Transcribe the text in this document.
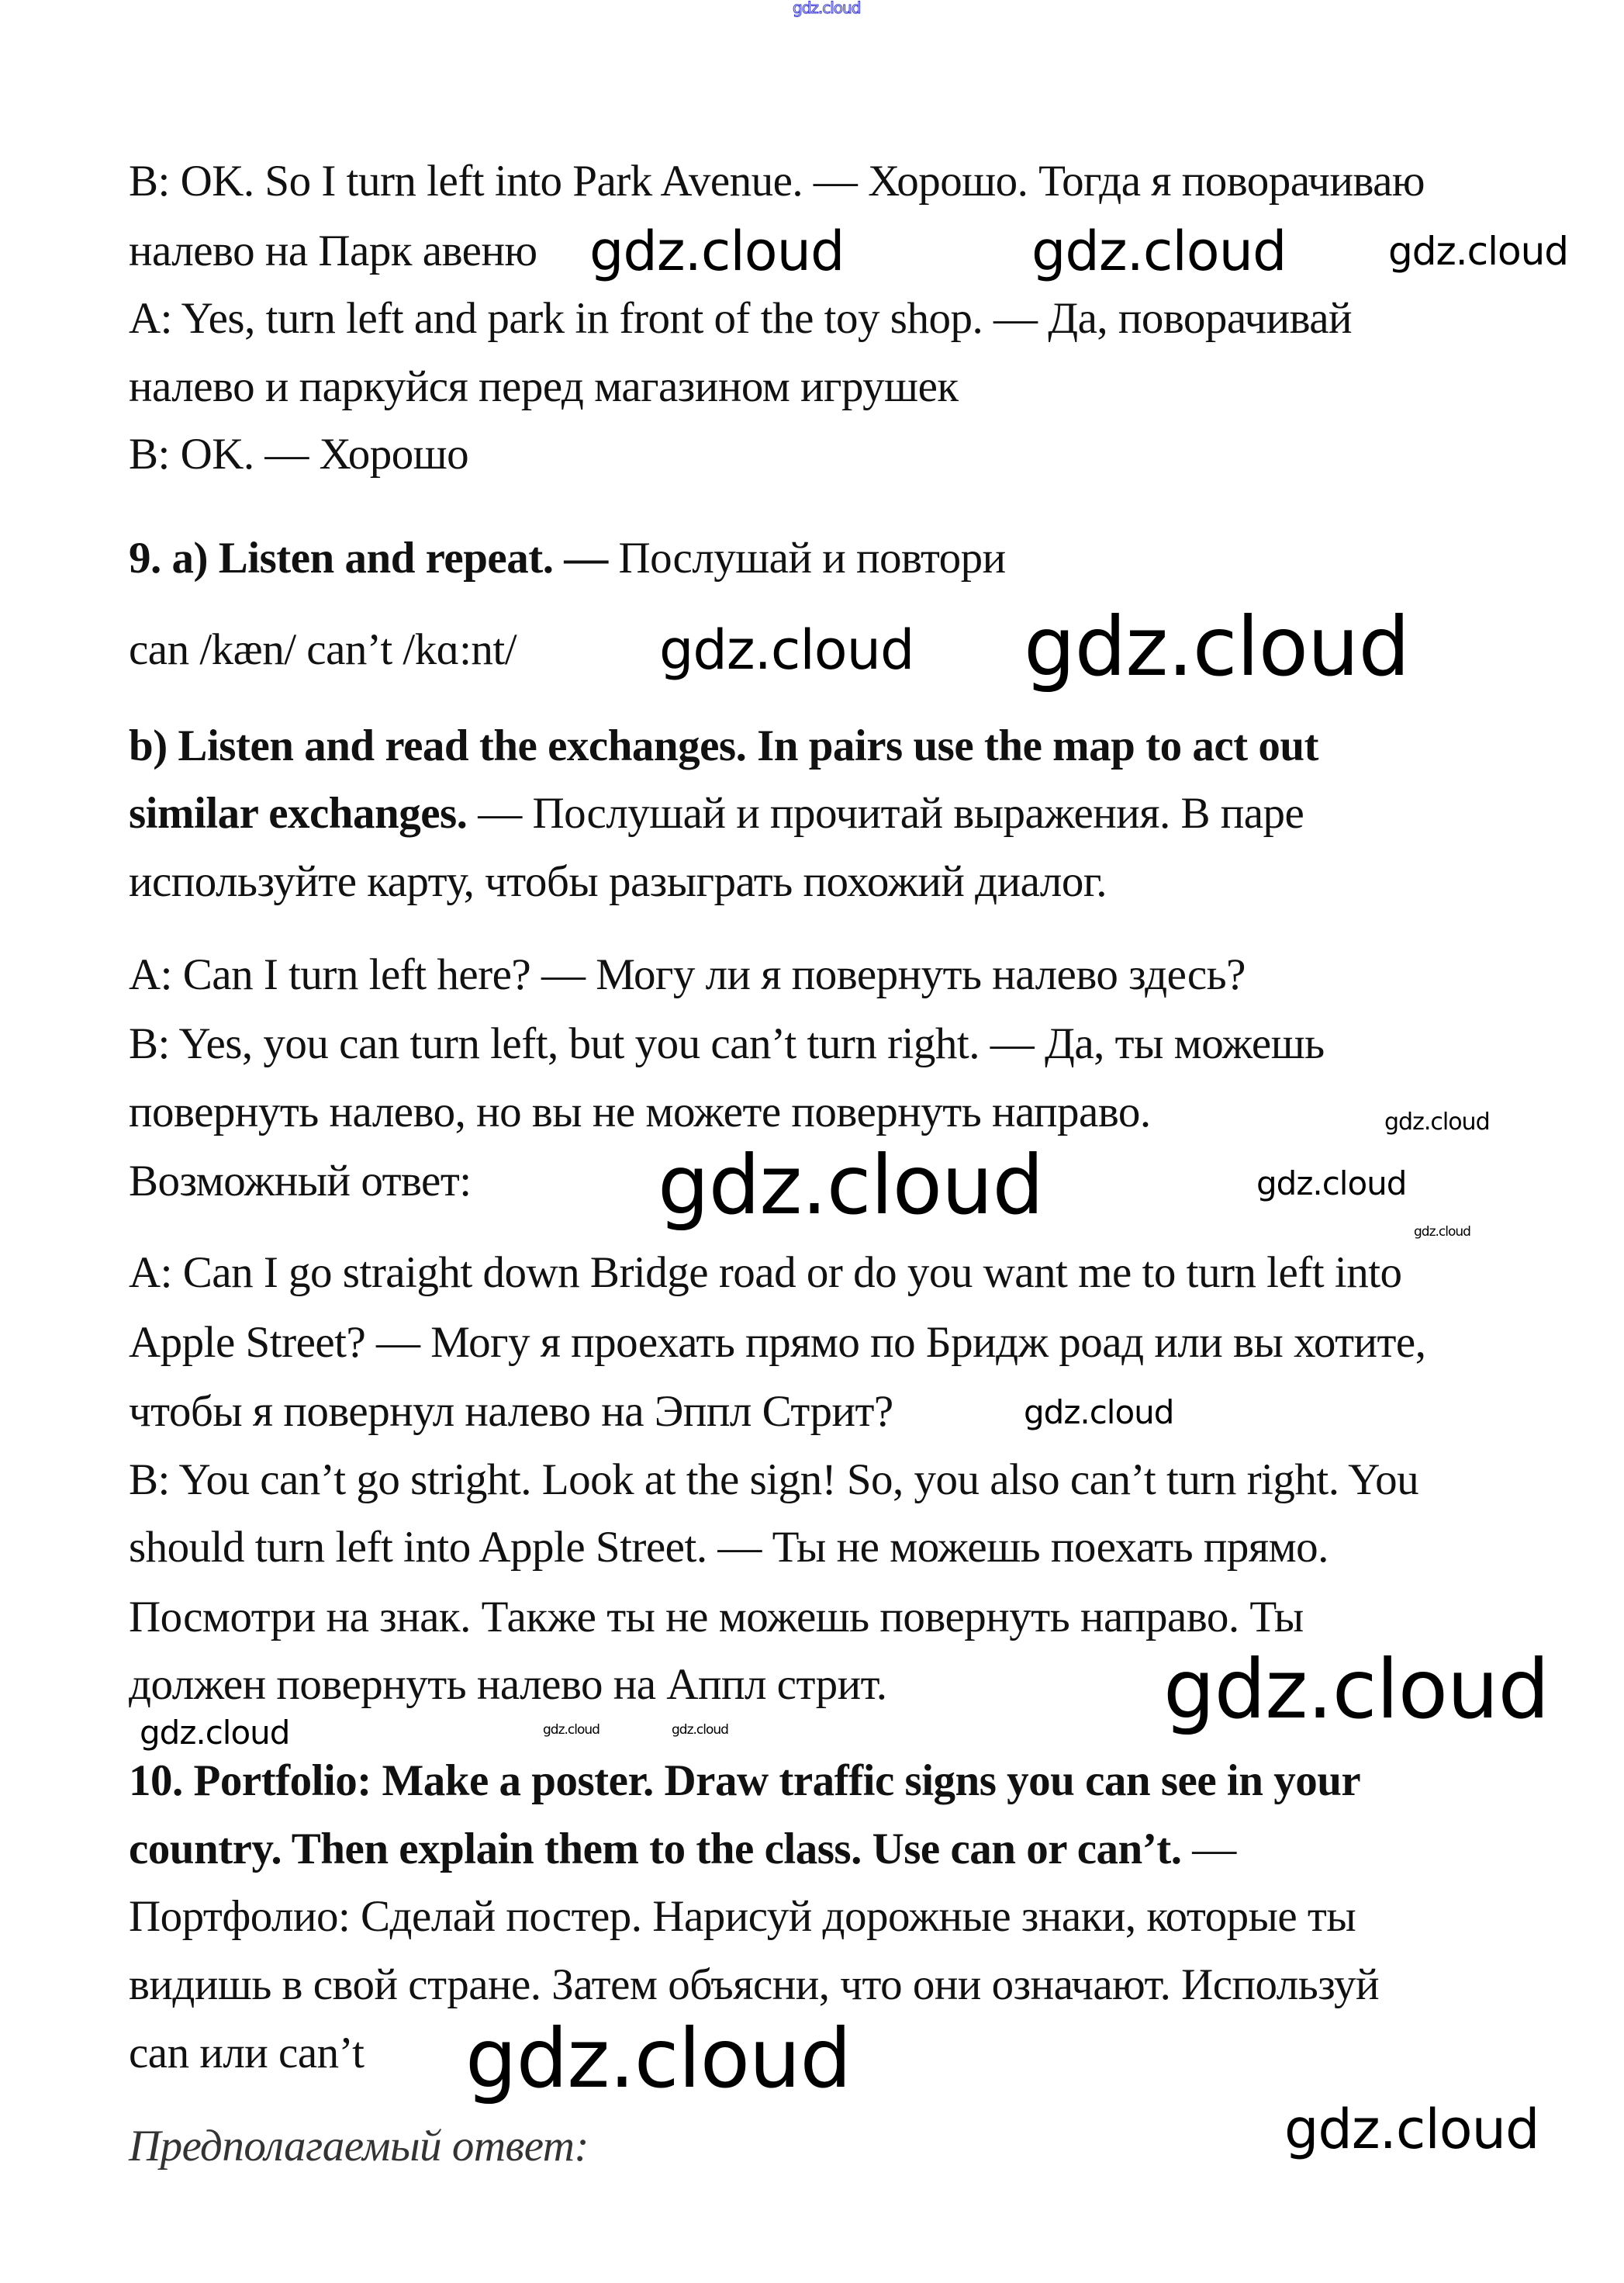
gdz.cloud
B: OK. So I turn left into Park Avenue. — Хорошо. Тогда я поворачиваю
налево на Парк авеню
A: Yes, turn left and park in front of the toy shop. — Да, поворачивай
налево и паркуйся перед магазином игрушек
B: OK. — Хорошо
9. a) Listen and repeat. — Послушай и повтори
can /kæn/ can’t /kɑ:nt/
b) Listen and read the exchanges. In pairs use the map to act out
similar exchanges. — Послушай и прочитай выражения. В паре
используйте карту, чтобы разыграть похожий диалог.
A: Can I turn left here? — Могу ли я повернуть налево здесь?
B: Yes, you can turn left, but you can’t turn right. — Да, ты можешь
повернуть налево, но вы не можете повернуть направо.
Возможный ответ:
A: Can I go straight down Bridge road or do you want me to turn left into
Apple Street? — Могу я проехать прямо по Бридж роад или вы хотите,
чтобы я повернул налево на Эппл Стрит?
B: You can’t go stright. Look at the sign! So, you also can’t turn right. You
should turn left into Apple Street. — Ты не можешь поехать прямо.
Посмотри на знак. Также ты не можешь повернуть направо. Ты
должен повернуть налево на Аппл стрит.
10. Portfolio: Make a poster. Draw traffic signs you can see in your
country. Then explain them to the class. Use can or can’t. —
Портфолио: Сделай постер. Нарисуй дорожные знаки, которые ты
видишь в свой стране. Затем объясни, что они означают. Используй
can или can’t
Предполагаемый ответ:
gdz.cloud
gdz.cloud	gdz.cloud
gdz.cloud gdz.cloud
gdz.cloud
gdz.cloud
gdz.cloud	gdz.cloud
gdz.cloud
gdz.cloud	gdz.cloud	gdz.cloud	gdz.cloud
gdz.cloud
gdz.cloud
